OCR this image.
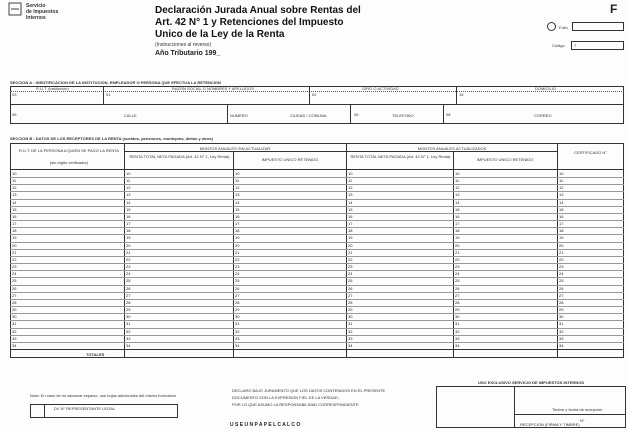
Servicio
de Impuestos
Internos
Declaración Jurada Anual sobre Rentas del
Art. 42 N° 1 y Retenciones del Impuesto
Unico de la Ley de la Renta
(Instrucciones al reverso)
Año Tributario 199_
F
Folio
Código 7
SECCION A : IDENTIFICACION DE LA INSTITUCION, EMPLEADOR O PERSONA QUE EFECTUA LA RETENCION
03
R.U.T. (institución)
01
RAZON SOCIAL O NOMBRES Y APELLIDOS
02
GIRO O ACTIVIDAD
15
DOMICILIO
05	CALLE	NUMERO	CIUDAD / COMUNA	06	TELEFONO	08	CORREO
SECCION B : DATOS DE LOS RECEPTORES DE LA RENTA (sueldos, pensiones, montepíos, dietas y otros)
R.U.T. DE LA PERSONA A QUIEN SE PAGO LA RENTA
(sin dígito verificador)
MONTOS ANUALES SIN ACTUALIZAR	MONTOS ANUALES ACTUALIZADOS
RENTA TOTAL NETA PAGADA (Art. 42 N° 1, Ley Renta)
IMPUESTO UNICO RETENIDO
RENTA TOTAL NETA PAGADA (Art. 42 N° 1, Ley Renta)
IMPUESTO UNICO RETENIDO
CERTIFICADO N°
10	10	10	10	10	10
11	11	11	11	11	11
12	12	12	12	12	12
13	13	13	13	13	13
14	14	14	14	14	14
15	15	15	15	15	15
16	16	16	16	16	16
17	17	17	17	17	17
18	18	18	18	18	18
19	19	19	19	19	19
20	20	20	20	20	20
21	21	21	21	21	21
22	22	22	22	22	22
23	23	23	23	23	23
24	24	24	24	24	24
25	25	25	25	25	25
26	26	26	26	26	26
27	27	27	27	27	27
28	28	28	28	28	28
29	29	29	29	29	29
30	30	30	30	30	30
31	31	31	31	31	31
32	32	32	32	32	32
33	33	33	33	33	33
34	34	34	34	34	34
TOTALES
Nota: En caso de no alcanzar espacio, use hojas adicionales del mismo formulario
DV N° REPRESENTANTE LEGAL
DECLARO BAJO JURAMENTO QUE LOS DATOS CONTENIDOS EN EL PRESENTE
DOCUMENTO SON LA EXPRESION FIEL DE LA VERDAD,
POR LO QUE ASUMO LA RESPONSABILIDAD CORRESPONDIENTE
U S E U N P A P E L C A L C O
USO EXCLUSIVO SERVICIO DE IMPUESTOS INTERNOS
Timbre y fecha de recepción
RECEPCION (FIRMA Y TIMBRE)
N°
